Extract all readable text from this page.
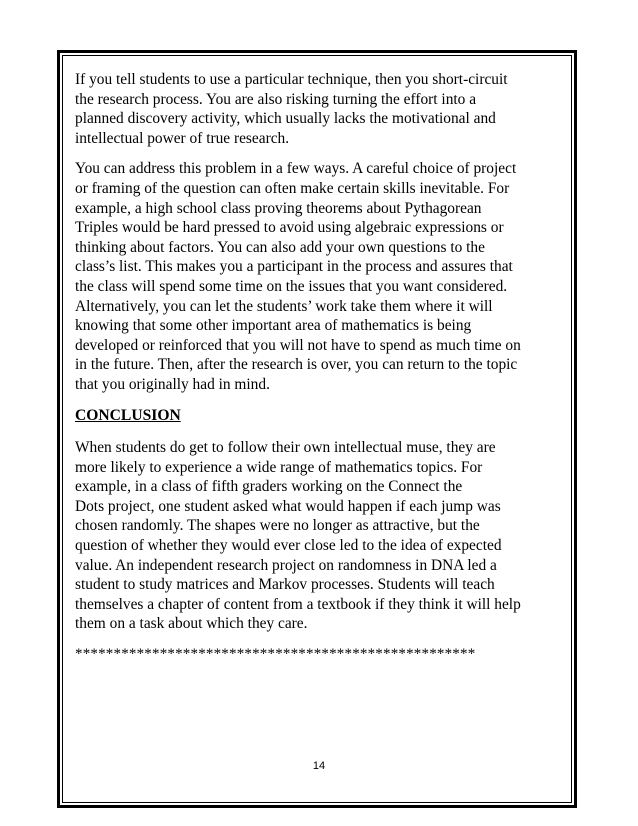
If you tell students to use a particular technique, then you short-circuit
the research process. You are also risking turning the effort into a
planned discovery activity, which usually lacks the motivational and
intellectual power of true research.

You can address this problem in a few ways. A careful choice of project
or framing of the question can often make certain skills inevitable. For
example, a high school class proving theorems about Pythagorean
Triples would be hard pressed to avoid using algebraic expressions or
thinking about factors. You can also add your own questions to the
class’s list. This makes you a participant in the process and assures that
the class will spend some time on the issues that you want considered.
Alternatively, you can let the students’ work take them where it will
knowing that some other important area of mathematics is being
developed or reinforced that you will not have to spend as much time on
in the future. Then, after the research is over, you can return to the topic
that you originally had in mind.

CONCLUSION

When students do get to follow their own intellectual muse, they are
more likely to experience a wide range of mathematics topics. For
example, in a class of fifth graders working on the Connect the
Dots project, one student asked what would happen if each jump was
chosen randomly. The shapes were no longer as attractive, but the
question of whether they would ever close led to the idea of expected
value. An independent research project on randomness in DNA led a
student to study matrices and Markov processes. Students will teach
themselves a chapter of content from a textbook if they think it will help
them on a task about which they care.

****************************************************
14
